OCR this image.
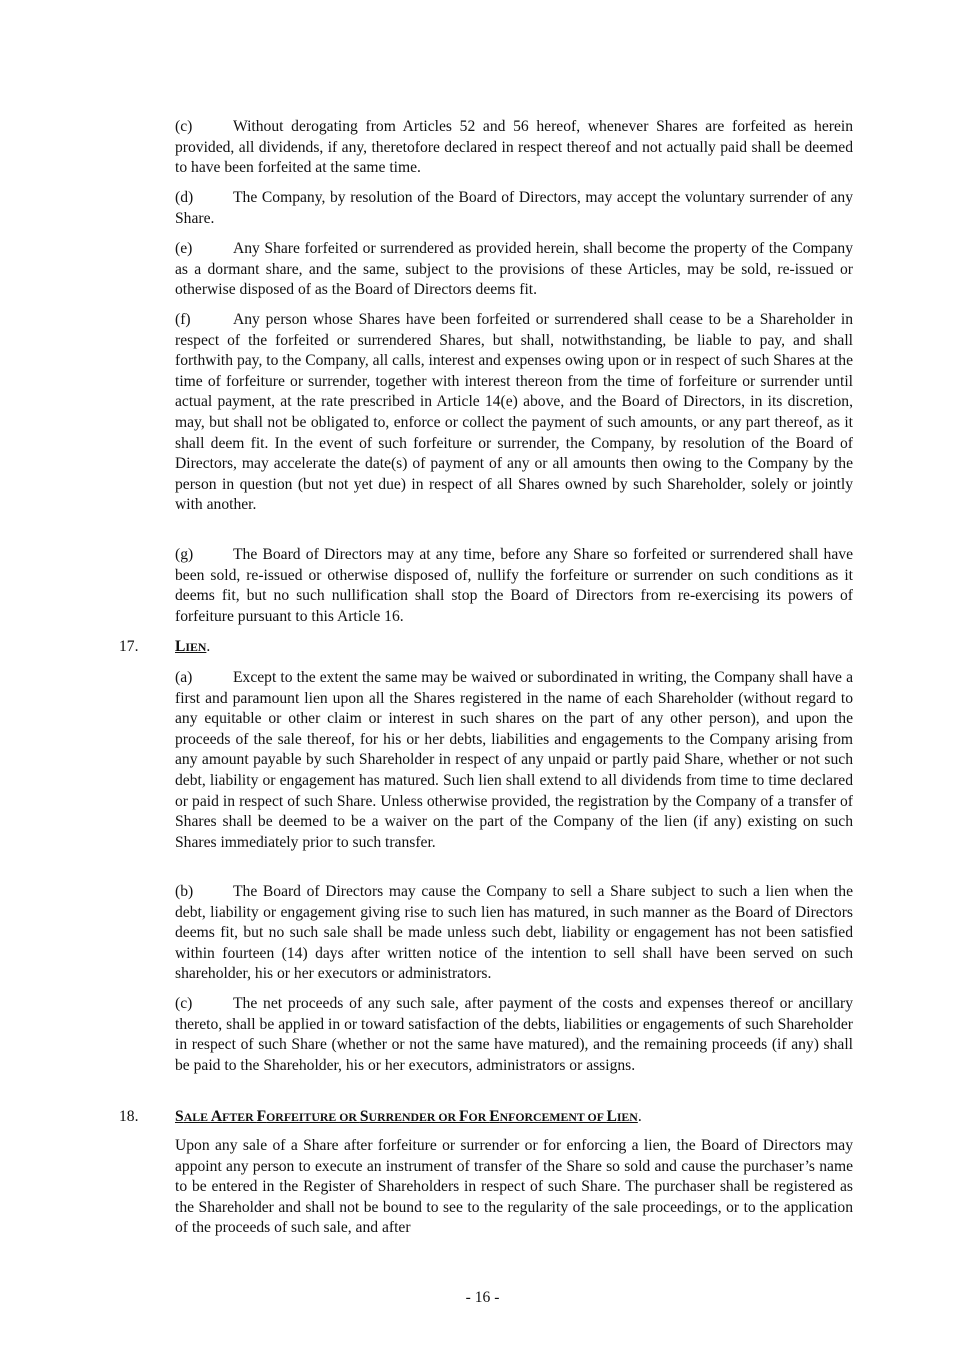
(c)	Without derogating from Articles 52 and 56 hereof, whenever Shares are forfeited as herein provided, all dividends, if any, theretofore declared in respect thereof and not actually paid shall be deemed to have been forfeited at the same time.

(d)	The Company, by resolution of the Board of Directors, may accept the voluntary surrender of any Share.

(e)	Any Share forfeited or surrendered as provided herein, shall become the property of the Company as a dormant share, and the same, subject to the provisions of these Articles, may be sold, re-issued or otherwise disposed of as the Board of Directors deems fit.

(f)	Any person whose Shares have been forfeited or surrendered shall cease to be a Shareholder in respect of the forfeited or surrendered Shares, but shall, notwithstanding, be liable to pay, and shall forthwith pay, to the Company, all calls, interest and expenses owing upon or in respect of such Shares at the time of forfeiture or surrender, together with interest thereon from the time of forfeiture or surrender until actual payment, at the rate prescribed in Article 14(e) above, and the Board of Directors, in its discretion, may, but shall not be obligated to, enforce or collect the payment of such amounts, or any part thereof, as it shall deem fit. In the event of such forfeiture or surrender, the Company, by resolution of the Board of Directors, may accelerate the date(s) of payment of any or all amounts then owing to the Company by the person in question (but not yet due) in respect of all Shares owned by such Shareholder, solely or jointly with another.

(g)	The Board of Directors may at any time, before any Share so forfeited or surrendered shall have been sold, re-issued or otherwise disposed of, nullify the forfeiture or surrender on such conditions as it deems fit, but no such nullification shall stop the Board of Directors from re-exercising its powers of forfeiture pursuant to this Article 16.

17. LIEN.

(a)	Except to the extent the same may be waived or subordinated in writing, the Company shall have a first and paramount lien upon all the Shares registered in the name of each Shareholder (without regard to any equitable or other claim or interest in such shares on the part of any other person), and upon the proceeds of the sale thereof, for his or her debts, liabilities and engagements to the Company arising from any amount payable by such Shareholder in respect of any unpaid or partly paid Share, whether or not such debt, liability or engagement has matured. Such lien shall extend to all dividends from time to time declared or paid in respect of such Share. Unless otherwise provided, the registration by the Company of a transfer of Shares shall be deemed to be a waiver on the part of the Company of the lien (if any) existing on such Shares immediately prior to such transfer.

(b)	The Board of Directors may cause the Company to sell a Share subject to such a lien when the debt, liability or engagement giving rise to such lien has matured, in such manner as the Board of Directors deems fit, but no such sale shall be made unless such debt, liability or engagement has not been satisfied within fourteen (14) days after written notice of the intention to sell shall have been served on such shareholder, his or her executors or administrators.

(c)	The net proceeds of any such sale, after payment of the costs and expenses thereof or ancillary thereto, shall be applied in or toward satisfaction of the debts, liabilities or engagements of such Shareholder in respect of such Share (whether or not the same have matured), and the remaining proceeds (if any) shall be paid to the Shareholder, his or her executors, administrators or assigns.

18. SALE AFTER FORFEITURE OR SURRENDER OR FOR ENFORCEMENT OF LIEN.

Upon any sale of a Share after forfeiture or surrender or for enforcing a lien, the Board of Directors may appoint any person to execute an instrument of transfer of the Share so sold and cause the purchaser’s name to be entered in the Register of Shareholders in respect of such Share. The purchaser shall be registered as the Shareholder and shall not be bound to see to the regularity of the sale proceedings, or to the application of the proceeds of such sale, and after

- 16 -
